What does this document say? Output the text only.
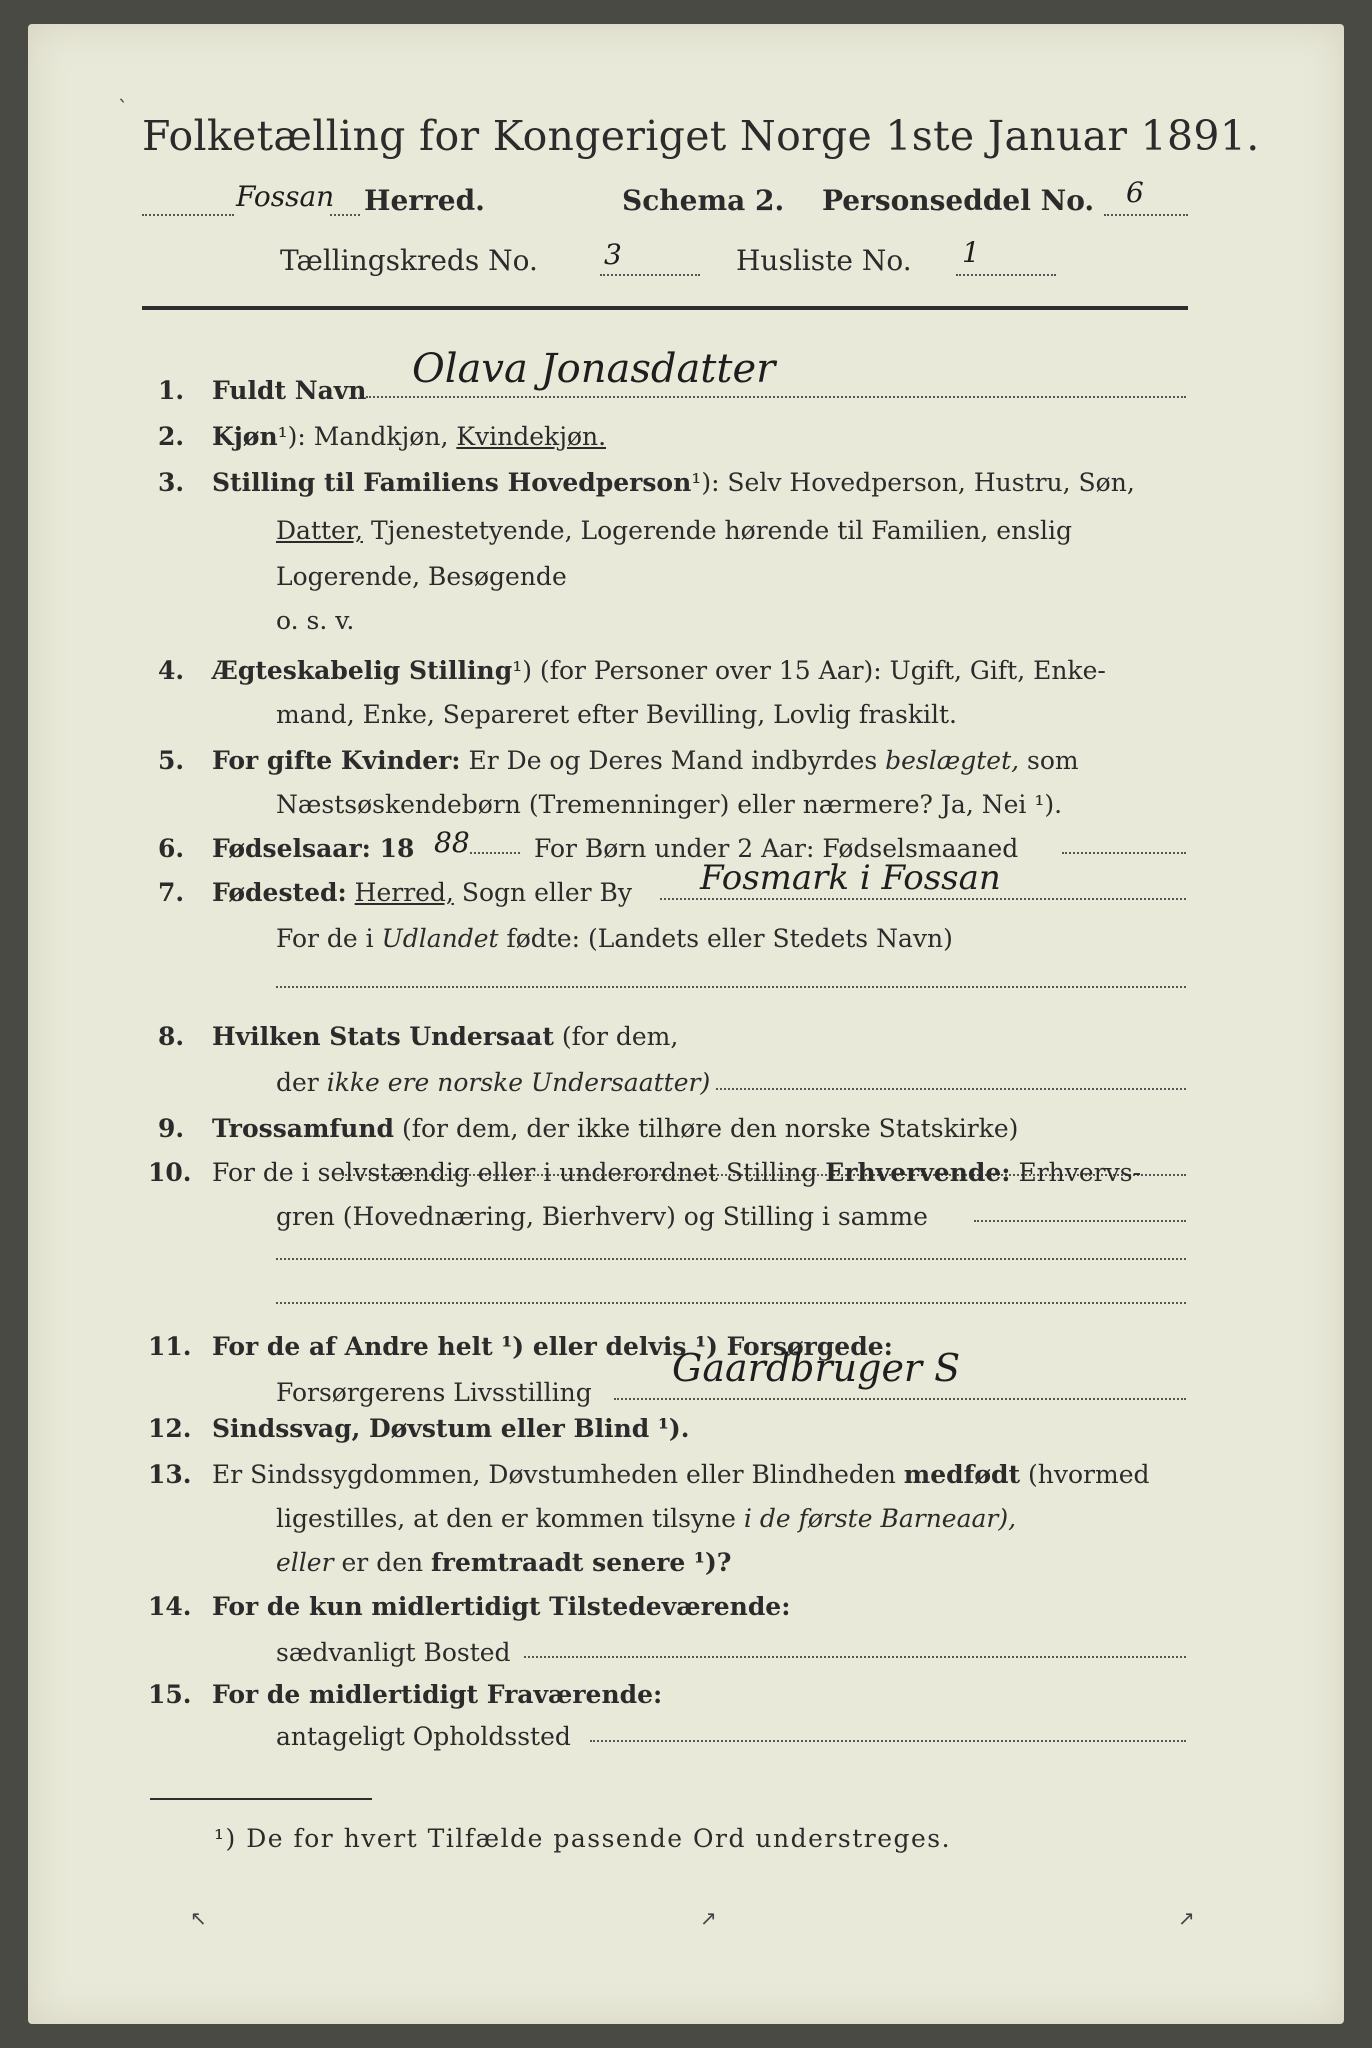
Folketælling for Kongeriget Norge 1ste Januar 1891.
Fossan Herred.	Schema 2. Personseddel No. 6
Tællingskreds No. 3	Husliste No. 1
1. Fuldt Navn Olava Jonasdatter
2. Kjøn¹): Mandkjøn, Kvindekjøn.
3. Stilling til Familiens Hovedperson¹): Selv Hovedperson, Hustru, Søn,
Datter, Tjenestetyende, Logerende hørende til Familien, enslig
Logerende, Besøgende
o. s. v.
4. Ægteskabelig Stilling¹) (for Personer over 15 Aar): Ugift, Gift, Enke-
mand, Enke, Separeret efter Bevilling, Lovlig fraskilt.
5. For gifte Kvinder: Er De og Deres Mand indbyrdes beslægtet, som
Næstsøskendebørn (Tremenninger) eller nærmere? Ja, Nei ¹).
6. Fødselsaar: 18 88	For Børn under 2 Aar: Fødselsmaaned
7. Fødested: Herred, Sogn eller By Fosmark i Fossan
For de i Udlandet fødte: (Landets eller Stedets Navn)
8. Hvilken Stats Undersaat (for dem,
der ikke ere norske Undersaatter)
9. Trossamfund (for dem, der ikke tilhøre den norske Statskirke)
10. For de i selvstændig eller i underordnet Stilling Erhvervende: Erhvervs-
gren (Hovednæring, Bierhverv) og Stilling i samme
11. For de af Andre helt ¹) eller delvis ¹) Forsørgede:
Forsørgerens Livsstilling
Gaardbruger S
12. Sindssvag, Døvstum eller Blind ¹).
13. Er Sindssygdommen, Døvstumheden eller Blindheden medfødt (hvormed
ligestilles, at den er kommen tilsyne i de første Barneaar),
eller er den fremtraadt senere ¹)?
14. For de kun midlertidigt Tilstedeværende:
sædvanligt Bosted
15. For de midlertidigt Fraværende:
antageligt Opholdssted
¹) De for hvert Tilfælde passende Ord understreges.
`
↖	↗	↗
